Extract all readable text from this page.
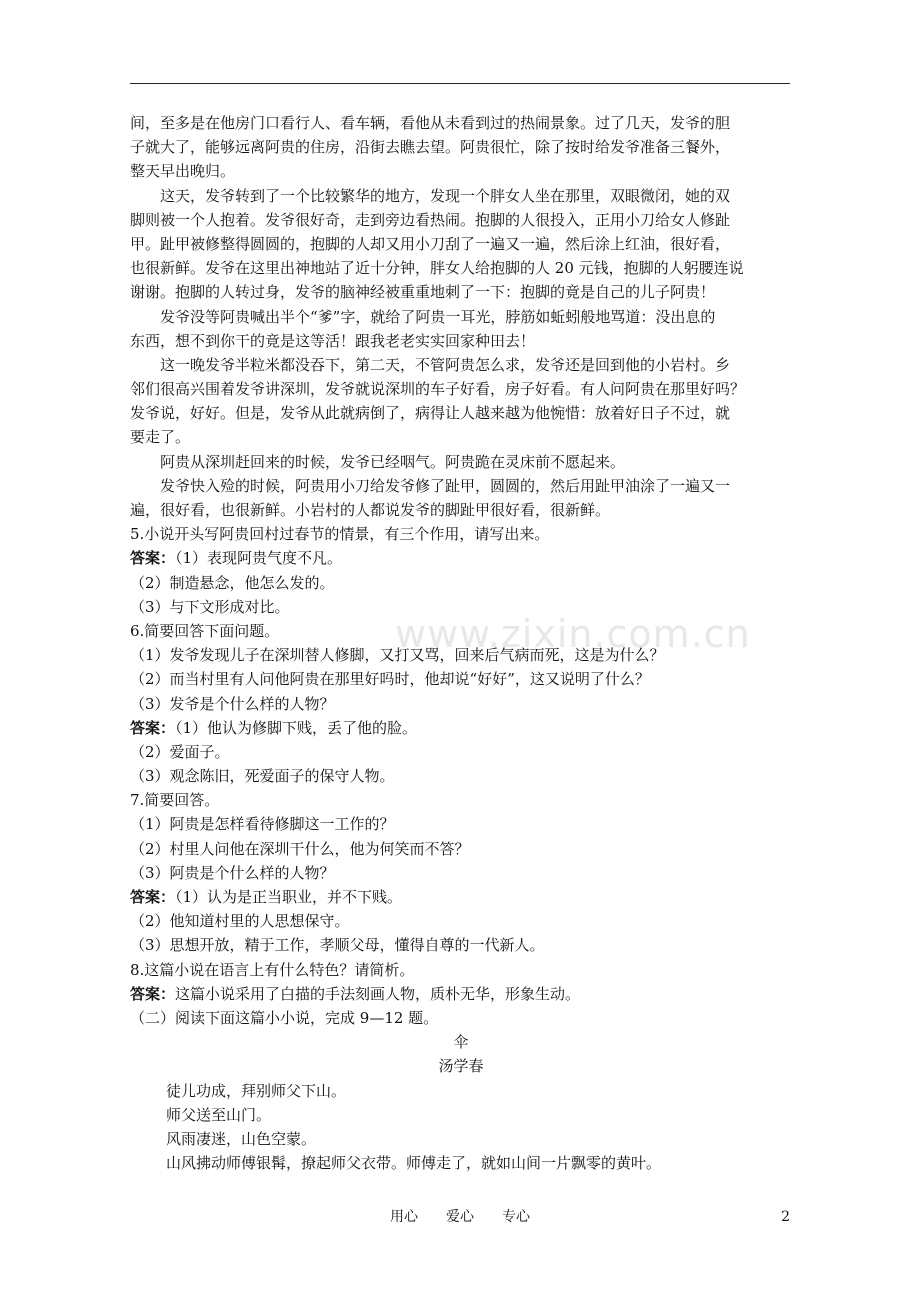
www.zixin.com.cn
间，至多是在他房门口看行人、看车辆，看他从未看到过的热闹景象。过了几天，发爷的胆
子就大了，能够远离阿贵的住房，沿街去瞧去望。阿贵很忙，除了按时给发爷准备三餐外，
整天早出晚归。
这天，发爷转到了一个比较繁华的地方，发现一个胖女人坐在那里，双眼微闭，她的双
脚则被一个人抱着。发爷很好奇，走到旁边看热闹。抱脚的人很投入，正用小刀给女人修趾
甲。趾甲被修整得圆圆的，抱脚的人却又用小刀刮了一遍又一遍，然后涂上红油，很好看，
也很新鲜。发爷在这里出神地站了近十分钟，胖女人给抱脚的人 20 元钱，抱脚的人躬腰连说
谢谢。抱脚的人转过身，发爷的脑神经被重重地刺了一下：抱脚的竟是自己的儿子阿贵！
发爷没等阿贵喊出半个“爹”字，就给了阿贵一耳光，脖筋如蚯蚓般地骂道：没出息的
东西，想不到你干的竟是这等活！跟我老老实实回家种田去！
这一晚发爷半粒米都没吞下，第二天，不管阿贵怎么求，发爷还是回到他的小岩村。乡
邻们很高兴围着发爷讲深圳，发爷就说深圳的车子好看，房子好看。有人问阿贵在那里好吗？
发爷说，好好。但是，发爷从此就病倒了，病得让人越来越为他惋惜：放着好日子不过，就
要走了。
阿贵从深圳赶回来的时候，发爷已经咽气。阿贵跪在灵床前不愿起来。
发爷快入殓的时候，阿贵用小刀给发爷修了趾甲，圆圆的，然后用趾甲油涂了一遍又一
遍，很好看，也很新鲜。小岩村的人都说发爷的脚趾甲很好看，很新鲜。
5.小说开头写阿贵回村过春节的情景，有三个作用，请写出来。
答案：（1）表现阿贵气度不凡。
（2）制造悬念，他怎么发的。
（3）与下文形成对比。
6.简要回答下面问题。
（1）发爷发现儿子在深圳替人修脚，又打又骂，回来后气病而死，这是为什么？
（2）而当村里有人问他阿贵在那里好吗时，他却说“好好”，这又说明了什么？
（3）发爷是个什么样的人物？
答案：（1）他认为修脚下贱，丢了他的脸。
（2）爱面子。
（3）观念陈旧，死爱面子的保守人物。
7.简要回答。
（1）阿贵是怎样看待修脚这一工作的？
（2）村里人问他在深圳干什么，他为何笑而不答？
（3）阿贵是个什么样的人物？
答案：（1）认为是正当职业，并不下贱。
（2）他知道村里的人思想保守。
（3）思想开放，精于工作，孝顺父母，懂得自尊的一代新人。
8.这篇小说在语言上有什么特色？请简析。
答案：这篇小说采用了白描的手法刻画人物，质朴无华，形象生动。
（二）阅读下面这篇小小说，完成 9—12 题。
伞
汤学春
徒儿功成，拜别师父下山。
师父送至山门。
风雨凄迷，山色空蒙。
山风拂动师傅银髯，撩起师父衣带。师傅走了，就如山间一片飘零的黄叶。
用心　　爱心　　专心	2
